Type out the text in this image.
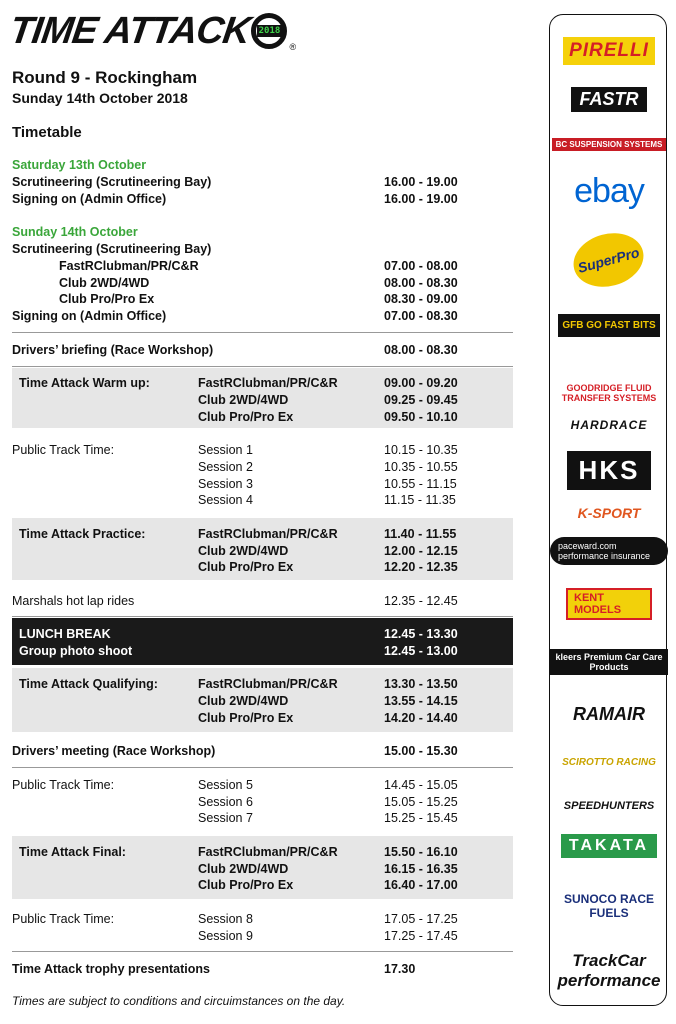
TIME ATTACK 2018
®
Round 9 - Rockingham
Sunday 14th October 2018
Timetable
Saturday 13th October
Scrutineering (Scrutineering Bay)	16.00 - 19.00
Signing on (Admin Office)	16.00 - 19.00
Sunday 14th October
Scrutineering (Scrutineering Bay)
FastRClubman/PR/C&R	07.00 - 08.00
Club 2WD/4WD	08.00 - 08.30
Club Pro/Pro Ex	08.30 - 09.00
Signing on (Admin Office)	07.00 - 08.30
Drivers’ briefing (Race Workshop)	08.00 - 08.30
Time Attack Warm up:	FastRClubman/PR/C&R	09.00 - 09.20
Club 2WD/4WD	09.25 - 09.45
Club Pro/Pro Ex	09.50 - 10.10
Public Track Time:	Session 1	10.15 - 10.35
Session 2	10.35 - 10.55
Session 3	10.55 - 11.15
Session 4	11.15 - 11.35
Time Attack Practice:	FastRClubman/PR/C&R	11.40 - 11.55
Club 2WD/4WD	12.00 - 12.15
Club Pro/Pro Ex	12.20 - 12.35
Marshals hot lap rides	12.35 - 12.45
LUNCH BREAK	12.45 - 13.30
Group photo shoot	12.45 - 13.00
Time Attack Qualifying:	FastRClubman/PR/C&R	13.30 - 13.50
Club 2WD/4WD	13.55 - 14.15
Club Pro/Pro Ex	14.20 - 14.40
Drivers’ meeting (Race Workshop)	15.00 - 15.30
Public Track Time:	Session 5	14.45 - 15.05
Session 6	15.05 - 15.25
Session 7	15.25 - 15.45
Time Attack Final:	FastRClubman/PR/C&R	15.50 - 16.10
Club 2WD/4WD	16.15 - 16.35
Club Pro/Pro Ex	16.40 - 17.00
Public Track Time:	Session 8	17.05 - 17.25
Session 9	17.25 - 17.45
Time Attack trophy presentations	17.30
Times are subject to conditions and circuimstances on the day.
PIRELLI
FASTR
BC SUSPENSION SYSTEMS
ebay
SuperPro
GFB GO FAST BITS
GOODRIDGE FLUID TRANSFER SYSTEMS
HARDRACE
HKS
K-SPORT
paceward.com performance insurance
KENT MODELS
kleers Premium Car Care Products
RAMAIR
SCIROTTO RACING
SPEEDHUNTERS
TAKATA
SUNOCO RACE FUELS
TrackCar performance
